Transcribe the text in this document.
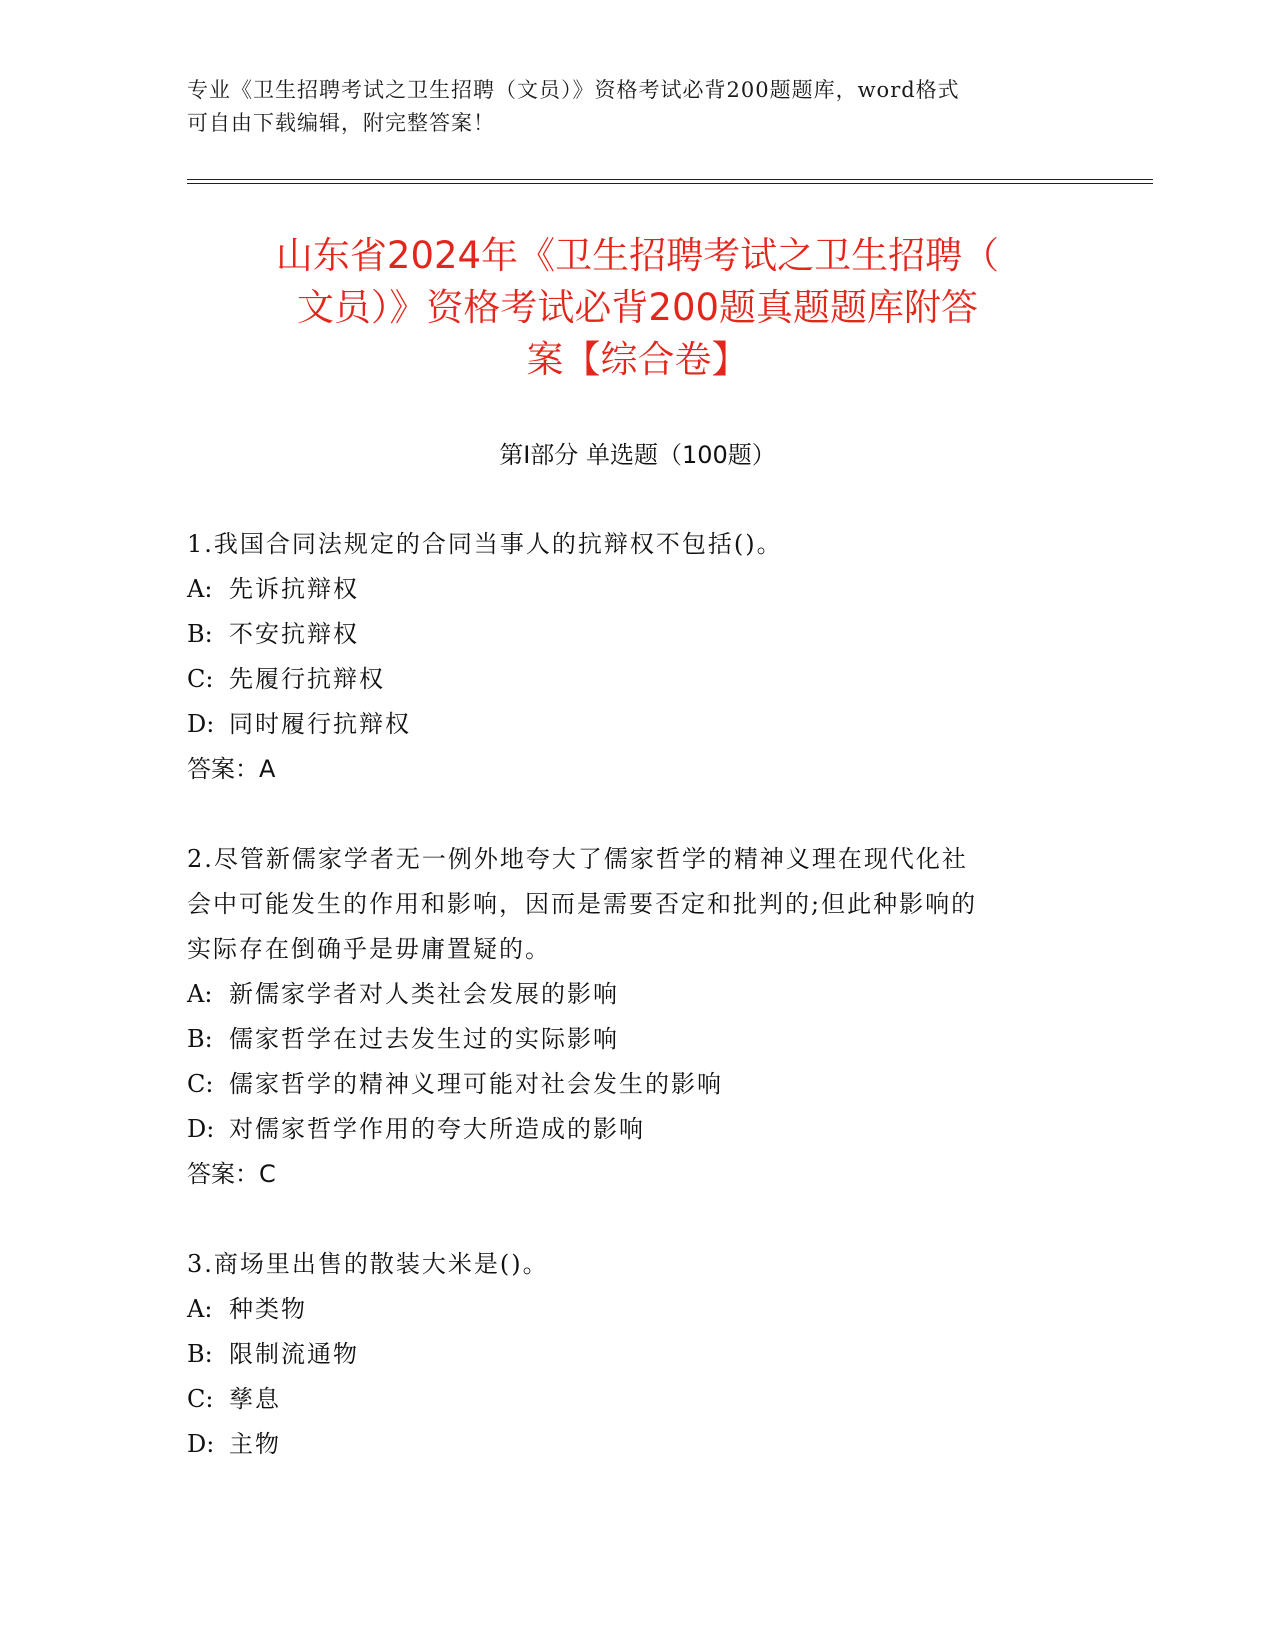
专业《卫生招聘考试之卫生招聘（文员）》资格考试必背200题题库，word格式
可自由下载编辑，附完整答案！
山东省2024年《卫生招聘考试之卫生招聘（
文员）》资格考试必背200题真题题库附答
案【综合卷】
第Ⅰ部分 单选题（100题）
1.我国合同法规定的合同当事人的抗辩权不包括()。
A: 先诉抗辩权
B: 不安抗辩权
C: 先履行抗辩权
D: 同时履行抗辩权
答案：A
2.尽管新儒家学者无一例外地夸大了儒家哲学的精神义理在现代化社
会中可能发生的作用和影响，因而是需要否定和批判的;但此种影响的
实际存在倒确乎是毋庸置疑的。
A: 新儒家学者对人类社会发展的影响
B: 儒家哲学在过去发生过的实际影响
C: 儒家哲学的精神义理可能对社会发生的影响
D: 对儒家哲学作用的夸大所造成的影响
答案：C
3.商场里出售的散装大米是()。
A: 种类物
B: 限制流通物
C: 孳息
D: 主物
